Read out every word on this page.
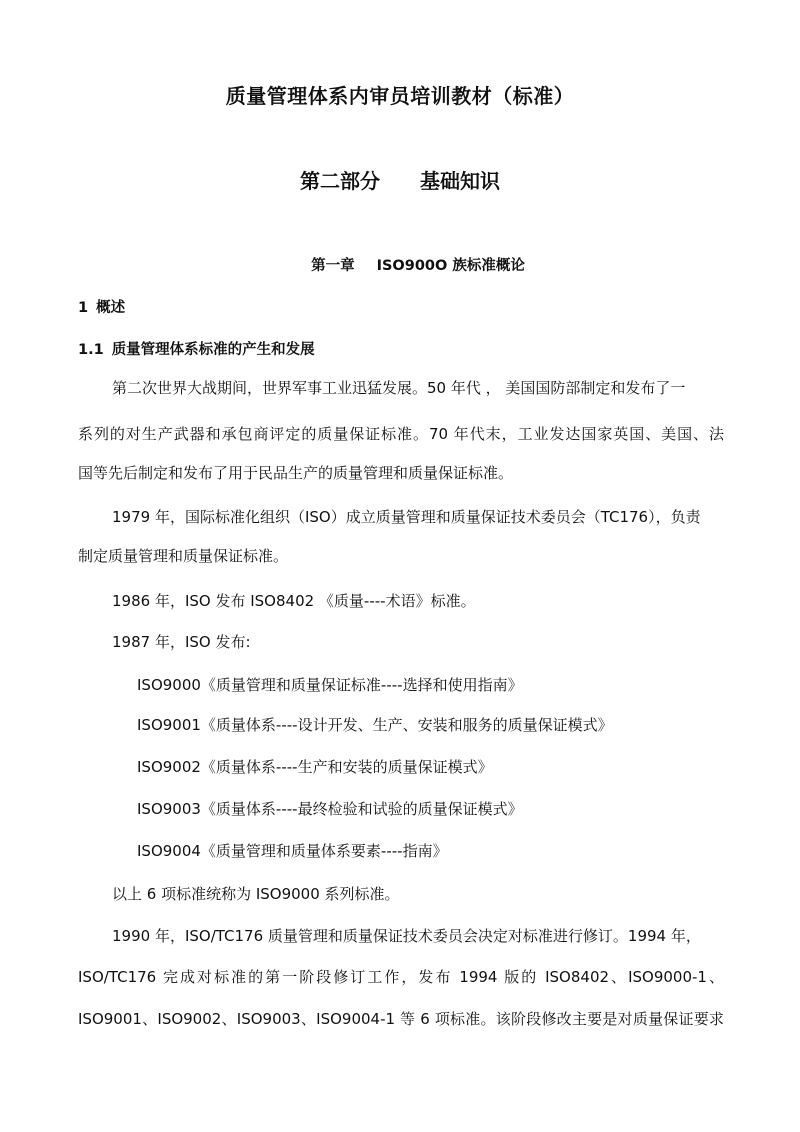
质量管理体系内审员培训教材（标准）
第二部分 基础知识
第一章 ISO900O 族标准概论
1 概述
1.1 质量管理体系标准的产生和发展
第二次世界大战期间，世界军事工业迅猛发展。50 年代 ， 美国国防部制定和发布了一
系列的对生产武器和承包商评定的质量保证标准。70 年代末，工业发达国家英国、美国、法
国等先后制定和发布了用于民品生产的质量管理和质量保证标准。
1979 年，国际标准化组织（ISO）成立质量管理和质量保证技术委员会（TC176），负责
制定质量管理和质量保证标准。
1986 年，ISO 发布 ISO8402 《质量----术语》标准。
1987 年，ISO 发布:
ISO9000《质量管理和质量保证标准----选择和使用指南》
ISO9001《质量体系----设计开发、生产、安装和服务的质量保证模式》
ISO9002《质量体系----生产和安装的质量保证模式》
ISO9003《质量体系----最终检验和试验的质量保证模式》
ISO9004《质量管理和质量体系要素----指南》
以上 6 项标准统称为 ISO9000 系列标准。
1990 年，ISO/TC176 质量管理和质量保证技术委员会决定对标准进行修订。1994 年，
ISO/TC176 完成对标准的第一阶段修订工作，发布 1994 版的 ISO8402、ISO9000-1、
ISO9001、ISO9002、ISO9003、ISO9004-1 等 6 项标准。该阶段修改主要是对质量保证要求
